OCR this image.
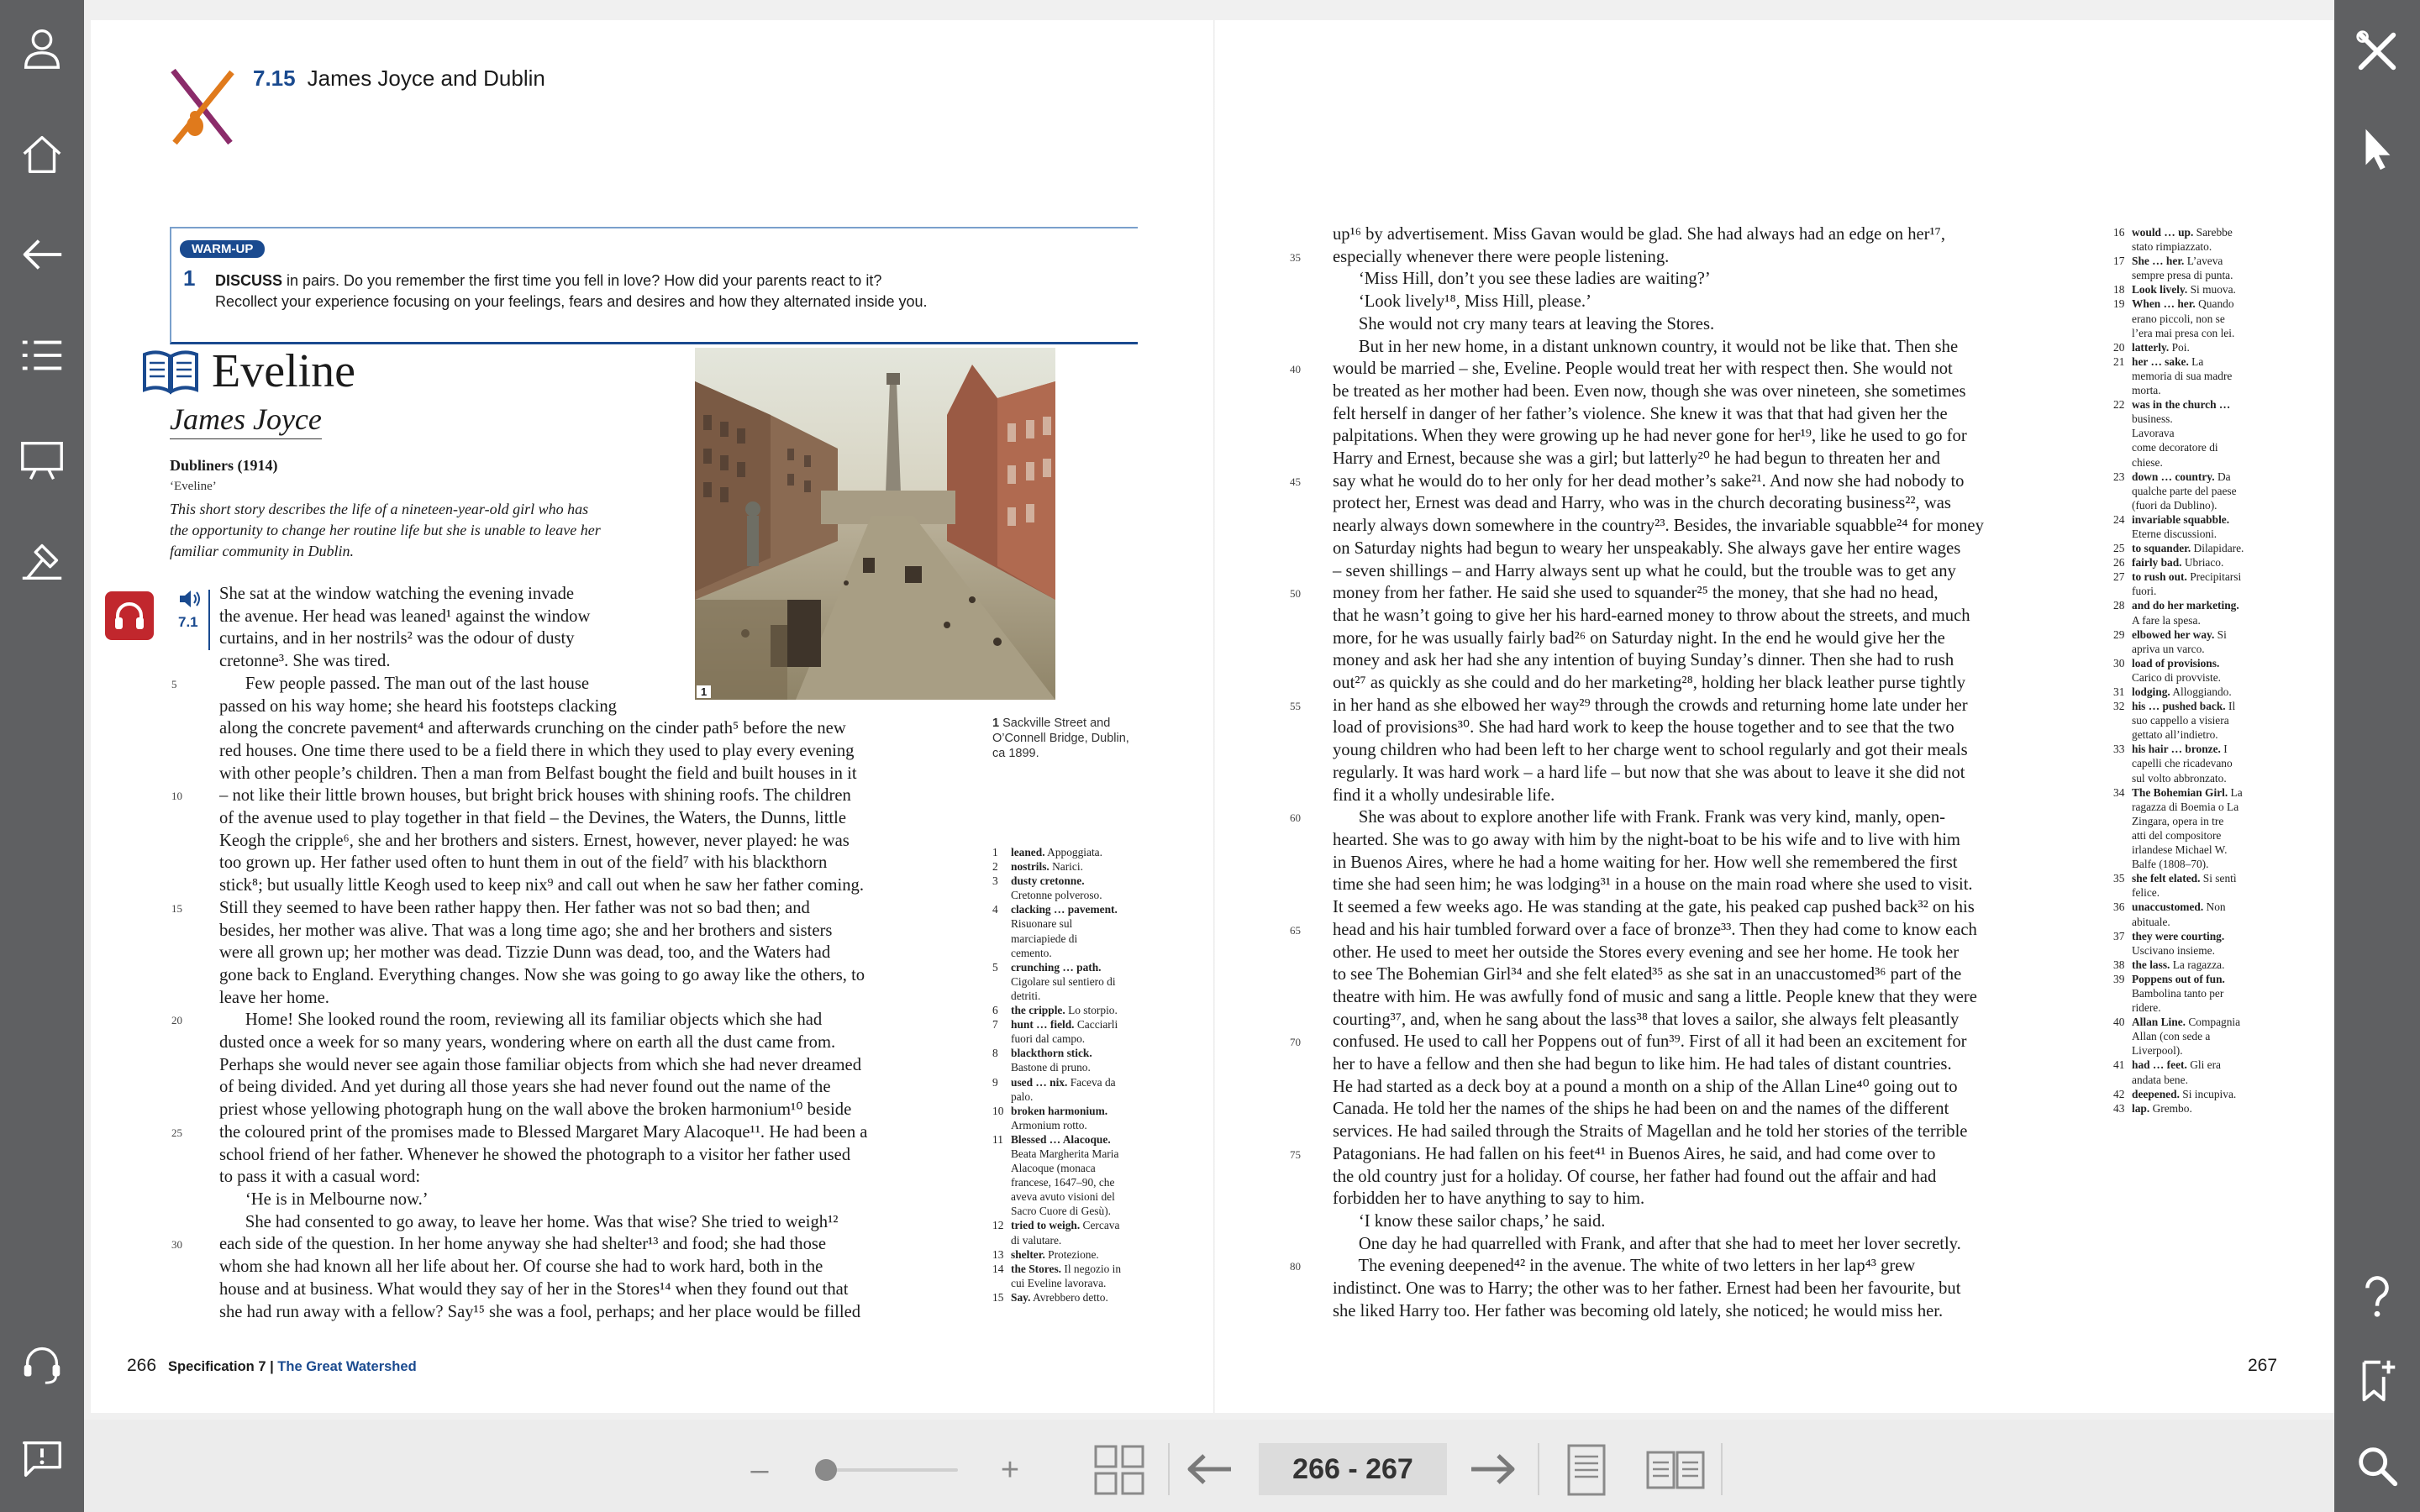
7.15 James Joyce and Dublin
WARM-UP
1 DISCUSS in pairs. Do you remember the first time you fell in love? How did your parents react to it?
Recollect your experience focusing on your feelings, fears and desires and how they alternated inside you.
Eveline
James Joyce
Dubliners (1914)
‘Eveline’
This short story describes the life of a nineteen-year-old girl who has
the opportunity to change her routine life but she is unable to leave her
familiar community in Dublin.
7.1
1
1 Sackville Street and
O’Connell Bridge, Dublin,
ca 1899.
She sat at the window watching the evening invade
the avenue. Her head was leaned¹ against the window
curtains, and in her nostrils² was the odour of dusty
cretonne³. She was tired.
Few people passed. The man out of the last house
passed on his way home; she heard his footsteps clacking
along the concrete pavement⁴ and afterwards crunching on the cinder path⁵ before the new
red houses. One time there used to be a field there in which they used to play every evening
with other people’s children. Then a man from Belfast bought the field and built houses in it
– not like their little brown houses, but bright brick houses with shining roofs. The children
of the avenue used to play together in that field – the Devines, the Waters, the Dunns, little
Keogh the cripple⁶, she and her brothers and sisters. Ernest, however, never played: he was
too grown up. Her father used often to hunt them in out of the field⁷ with his blackthorn
stick⁸; but usually little Keogh used to keep nix⁹ and call out when he saw her father coming.
Still they seemed to have been rather happy then. Her father was not so bad then; and
besides, her mother was alive. That was a long time ago; she and her brothers and sisters
were all grown up; her mother was dead. Tizzie Dunn was dead, too, and the Waters had
gone back to England. Everything changes. Now she was going to go away like the others, to
leave her home.
Home! She looked round the room, reviewing all its familiar objects which she had
dusted once a week for so many years, wondering where on earth all the dust came from.
Perhaps she would never see again those familiar objects from which she had never dreamed
of being divided. And yet during all those years she had never found out the name of the
priest whose yellowing photograph hung on the wall above the broken harmonium¹⁰ beside
the coloured print of the promises made to Blessed Margaret Mary Alacoque¹¹. He had been a
school friend of her father. Whenever he showed the photograph to a visitor her father used
to pass it with a casual word:
‘He is in Melbourne now.’
She had consented to go away, to leave her home. Was that wise? She tried to weigh¹²
each side of the question. In her home anyway she had shelter¹³ and food; she had those
whom she had known all her life about her. Of course she had to work hard, both in the
house and at business. What would they say of her in the Stores¹⁴ when they found out that
she had run away with a fellow? Say¹⁵ she was a fool, perhaps; and her place would be filled
5
10
15
20
25
30
1	leaned. Appoggiata.
2	nostrils. Narici.
3	dusty cretonne.
Cretonne polveroso.
4	clacking … pavement.
Risuonare sul
marciapiede di
cemento.
5	crunching … path.
Cigolare sul sentiero di
detriti.
6	the cripple. Lo storpio.
7	hunt … field. Cacciarli
fuori dal campo.
8	blackthorn stick.
Bastone di pruno.
9	used … nix. Faceva da
palo.
10 broken harmonium.
Armonium rotto.
11 Blessed … Alacoque.
Beata Margherita Maria
Alacoque (monaca
francese, 1647–90, che
aveva avuto visioni del
Sacro Cuore di Gesù).
12 tried to weigh. Cercava
di valutare.
13 shelter. Protezione.
14 the Stores. Il negozio in
cui Eveline lavorava.
15 Say. Avrebbero detto.
266 Specification 7 | The Great Watershed
up¹⁶ by advertisement. Miss Gavan would be glad. She had always had an edge on her¹⁷,
especially whenever there were people listening.
‘Miss Hill, don’t you see these ladies are waiting?’
‘Look lively¹⁸, Miss Hill, please.’
She would not cry many tears at leaving the Stores.
But in her new home, in a distant unknown country, it would not be like that. Then she
would be married – she, Eveline. People would treat her with respect then. She would not
be treated as her mother had been. Even now, though she was over nineteen, she sometimes
felt herself in danger of her father’s violence. She knew it was that that had given her the
palpitations. When they were growing up he had never gone for her¹⁹, like he used to go for
Harry and Ernest, because she was a girl; but latterly²⁰ he had begun to threaten her and
say what he would do to her only for her dead mother’s sake²¹. And now she had nobody to
protect her, Ernest was dead and Harry, who was in the church decorating business²², was
nearly always down somewhere in the country²³. Besides, the invariable squabble²⁴ for money
on Saturday nights had begun to weary her unspeakably. She always gave her entire wages
– seven shillings – and Harry always sent up what he could, but the trouble was to get any
money from her father. He said she used to squander²⁵ the money, that she had no head,
that he wasn’t going to give her his hard-earned money to throw about the streets, and much
more, for he was usually fairly bad²⁶ on Saturday night. In the end he would give her the
money and ask her had she any intention of buying Sunday’s dinner. Then she had to rush
out²⁷ as quickly as she could and do her marketing²⁸, holding her black leather purse tightly
in her hand as she elbowed her way²⁹ through the crowds and returning home late under her
load of provisions³⁰. She had hard work to keep the house together and to see that the two
young children who had been left to her charge went to school regularly and got their meals
regularly. It was hard work – a hard life – but now that she was about to leave it she did not
find it a wholly undesirable life.
She was about to explore another life with Frank. Frank was very kind, manly, open-
hearted. She was to go away with him by the night-boat to be his wife and to live with him
in Buenos Aires, where he had a home waiting for her. How well she remembered the first
time she had seen him; he was lodging³¹ in a house on the main road where she used to visit.
It seemed a few weeks ago. He was standing at the gate, his peaked cap pushed back³² on his
head and his hair tumbled forward over a face of bronze³³. Then they had come to know each
other. He used to meet her outside the Stores every evening and see her home. He took her
to see The Bohemian Girl³⁴ and she felt elated³⁵ as she sat in an unaccustomed³⁶ part of the
theatre with him. He was awfully fond of music and sang a little. People knew that they were
courting³⁷, and, when he sang about the lass³⁸ that loves a sailor, she always felt pleasantly
confused. He used to call her Poppens out of fun³⁹. First of all it had been an excitement for
her to have a fellow and then she had begun to like him. He had tales of distant countries.
He had started as a deck boy at a pound a month on a ship of the Allan Line⁴⁰ going out to
Canada. He told her the names of the ships he had been on and the names of the different
services. He had sailed through the Straits of Magellan and he told her stories of the terrible
Patagonians. He had fallen on his feet⁴¹ in Buenos Aires, he said, and had come over to
the old country just for a holiday. Of course, her father had found out the affair and had
forbidden her to have anything to say to him.
‘I know these sailor chaps,’ he said.
One day he had quarrelled with Frank, and after that she had to meet her lover secretly.
The evening deepened⁴² in the avenue. The white of two letters in her lap⁴³ grew
indistinct. One was to Harry; the other was to her father. Ernest had been her favourite, but
she liked Harry too. Her father was becoming old lately, she noticed; he would miss her.
35
40
45
50
55
60
65
70
75
80
16 would … up. Sarebbe
stato rimpiazzato.
17 She … her. L’aveva
sempre presa di punta.
18 Look lively. Si muova.
19 When … her. Quando
erano piccoli, non se
l’era mai presa con lei.
20 latterly. Poi.
21 her … sake. La
memoria di sua madre
morta.
22 was in the church …
business.
Lavorava
come decoratore di
chiese.
23 down … country. Da
qualche parte del paese
(fuori da Dublino).
24 invariable squabble.
Eterne discussioni.
25 to squander. Dilapidare.
26 fairly bad. Ubriaco.
27 to rush out. Precipitarsi
fuori.
28 and do her marketing.
A fare la spesa.
29 elbowed her way. Si
apriva un varco.
30 load of provisions.
Carico di provviste.
31 lodging. Alloggiando.
32 his … pushed back. Il
suo cappello a visiera
gettato all’indietro.
33 his hair … bronze. I
capelli che ricadevano
sul volto abbronzato.
34 The Bohemian Girl. La
ragazza di Boemia o La
Zingara, opera in tre
atti del compositore
irlandese Michael W.
Balfe (1808–70).
35 she felt elated. Si sentì
felice.
36 unaccustomed. Non
abituale.
37 they were courting.
Uscivano insieme.
38 the lass. La ragazza.
39 Poppens out of fun.
Bambolina tanto per
ridere.
40 Allan Line. Compagnia
Allan (con sede a
Liverpool).
41 had … feet. Gli era
andata bene.
42 deepened. Si incupiva.
43 lap. Grembo.
267
–	+	266 - 267
